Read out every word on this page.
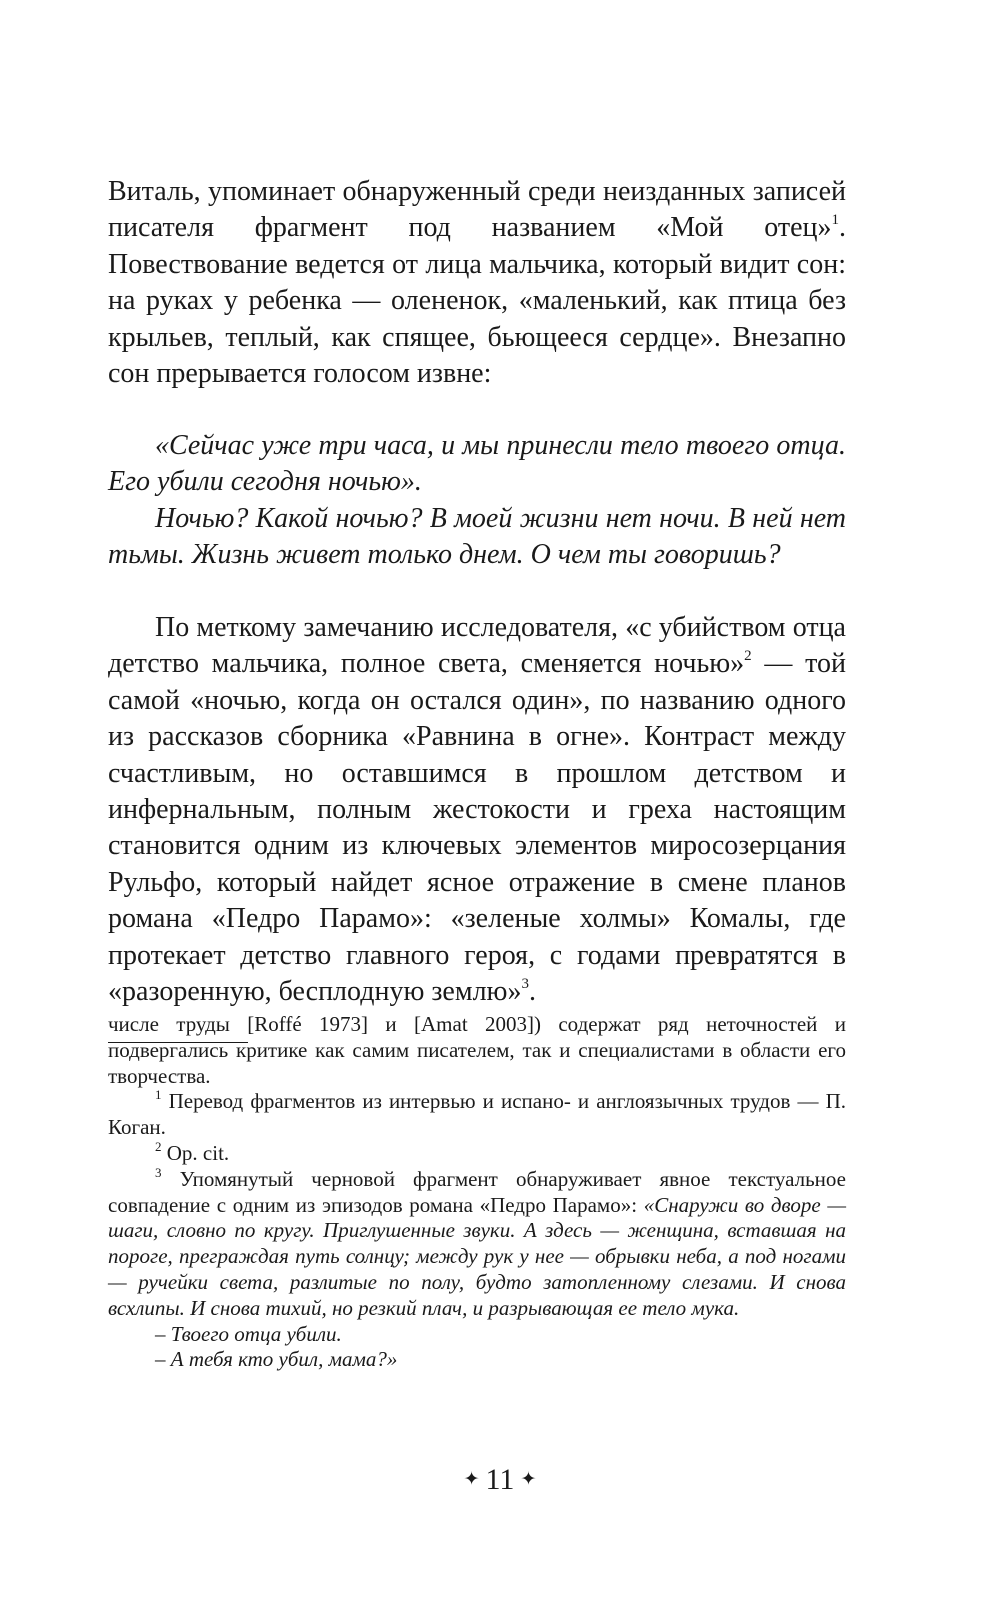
Виталь, упоминает обнаруженный среди неизданных записей писателя фрагмент под названием «Мой отец»$^1$. Повествование ведется от лица мальчика, который видит сон: на руках у ребенка — олененок, «маленький, как птица без крыльев, теплый, как спящее, бьющееся сердце». Внезапно сон прерывается голосом извне:

«Сейчас уже три часа, и мы принесли тело твоего отца. Его убили сегодня ночью».

Ночью? Какой ночью? В моей жизни нет ночи. В ней нет тьмы. Жизнь живет только днем. О чем ты говоришь?

По меткому замечанию исследователя, «с убийством отца детство мальчика, полное света, сменяется ночью»$^2$ — той самой «ночью, когда он остался один», по названию одного из рассказов сборника «Равнина в огне». Контраст между счастливым, но оставшимся в прошлом детством и инфернальным, полным жестокости и греха настоящим становится одним из ключевых элементов миросозерцания Рульфо, который найдет ясное отражение в смене планов романа «Педро Парамо»: «зеленые холмы» Комалы, где протекает детство главного героя, с годами превратятся в «разоренную, бесплодную землю»$^3$.

числе труды [Roffé 1973] и [Amat 2003]) содержат ряд неточностей и подвергались критике как самим писателем, так и специалистами в области его творчества.

$^1$ Перевод фрагментов из интервью и испано- и англоязычных трудов — П. Коган.

$^2$ Op. cit.

$^3$ Упомянутый черновой фрагмент обнаруживает явное текстуальное совпадение с одним из эпизодов романа «Педро Парамо»: «Снаружи во дворе — шаги, словно по кругу. Приглушенные звуки. А здесь — женщина, вставшая на пороге, преграждая путь солнцу; между рук у нее — обрывки неба, а под ногами — ручейки света, разлитые по полу, будто затопленному слезами. И снова всхлипы. И снова тихий, но резкий плач, и разрывающая ее тело мука.

– Твоего отца убили.

– А тебя кто убил, мама?»

✦ 11 ✦
